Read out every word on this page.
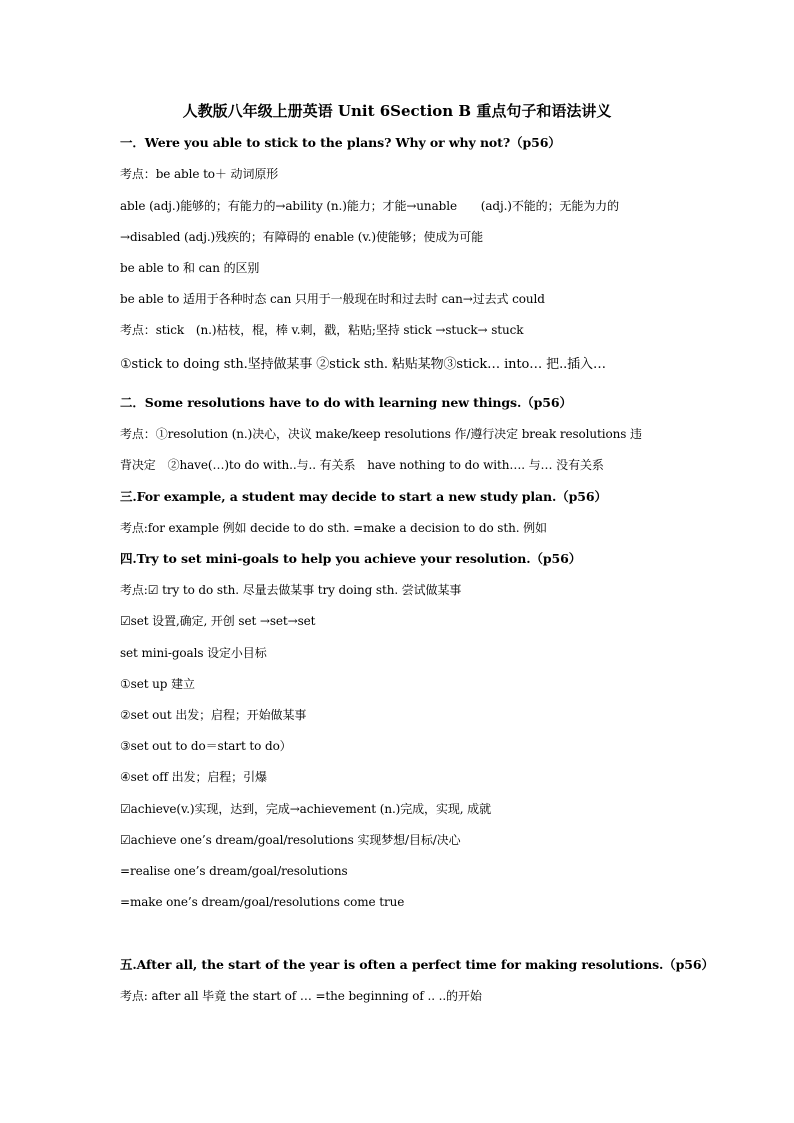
人教版八年级上册英语 Unit 6Section B 重点句子和语法讲义
一．Were you able to stick to the plans? Why or why not?（p56）
考点：be able to＋ 动词原形
able (adj.)能够的；有能力的→ability (n.)能力；才能→unable　　(adj.)不能的；无能为力的
→disabled (adj.)残疾的；有障碍的 enable (v.)使能够；使成为可能
be able to 和 can 的区别
be able to 适用于各种时态 can 只用于一般现在时和过去时 can→过去式 could
考点：stick　(n.)枯枝，棍，棒 v.刺，戳，粘贴;坚持 stick →stuck→ stuck
①stick to doing sth.坚持做某事 ②stick sth. 粘贴某物③stick… into… 把..插入…
二．Some resolutions have to do with learning new things.（p56）
考点：①resolution (n.)决心，决议 make/keep resolutions 作/遵行决定 break resolutions 违
背决定　②have(…)to do with..与.. 有关系　have nothing to do with…. 与… 没有关系
三.For example, a student may decide to start a new study plan.（p56）
考点:for example 例如 decide to do sth. =make a decision to do sth. 例如
四.Try to set mini-goals to help you achieve your resolution.（p56）
考点:☑ try to do sth. 尽量去做某事 try doing sth. 尝试做某事
☑set 设置,确定, 开创 set →set→set
set mini-goals 设定小目标
①set up 建立
②set out 出发；启程；开始做某事
③set out to do＝start to do）
④set off 出发；启程；引爆
☑achieve(v.)实现，达到，完成→achievement (n.)完成，实现, 成就
☑achieve one’s dream/goal/resolutions 实现梦想/目标/决心
=realise one’s dream/goal/resolutions
=make one’s dream/goal/resolutions come true
五.After all, the start of the year is often a perfect time for making resolutions.（p56）
考点: after all 毕竟 the start of … =the beginning of .. ..的开始
